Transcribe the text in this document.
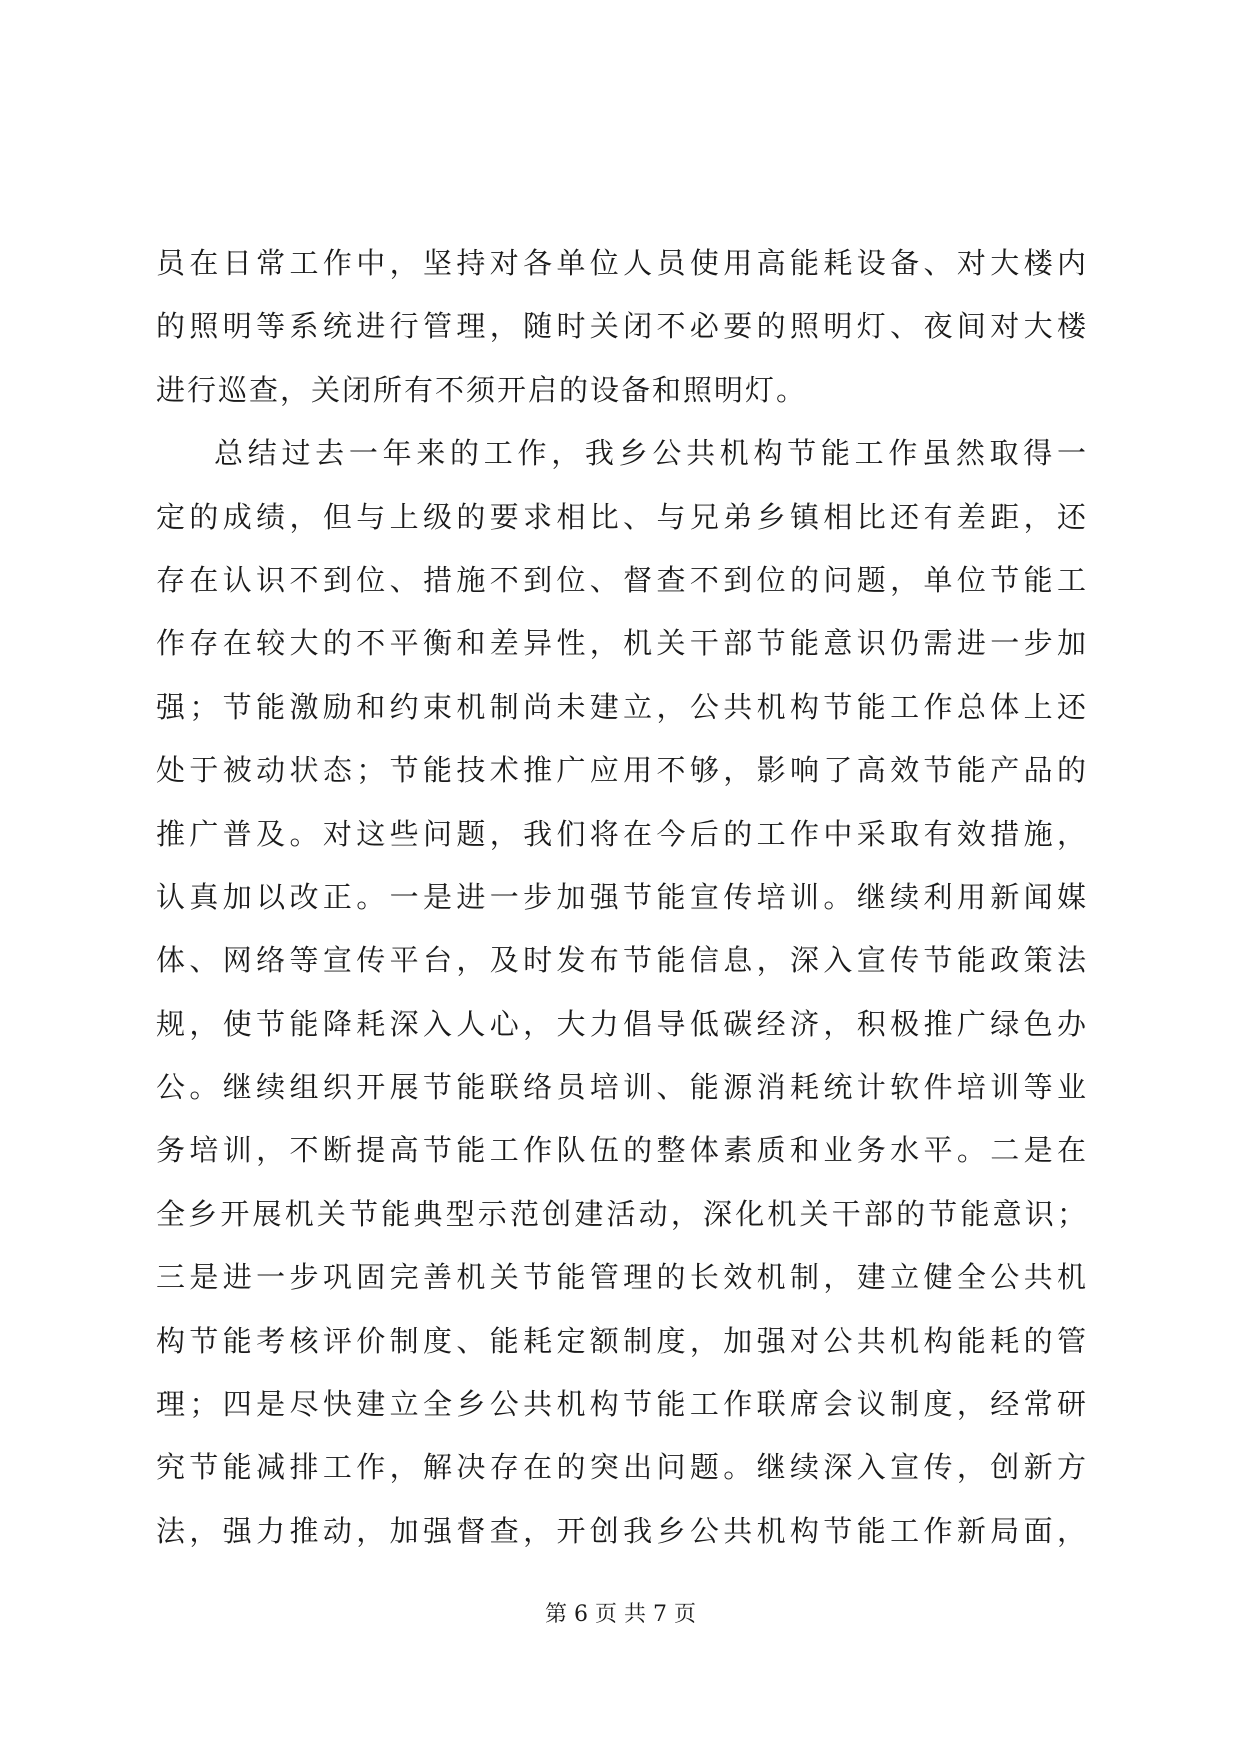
员在日常工作中，坚持对各单位人员使用高能耗设备、对大楼内
的照明等系统进行管理，随时关闭不必要的照明灯、夜间对大楼
进行巡查，关闭所有不须开启的设备和照明灯。
总结过去一年来的工作，我乡公共机构节能工作虽然取得一
定的成绩，但与上级的要求相比、与兄弟乡镇相比还有差距，还
存在认识不到位、措施不到位、督查不到位的问题，单位节能工
作存在较大的不平衡和差异性，机关干部节能意识仍需进一步加
强；节能激励和约束机制尚未建立，公共机构节能工作总体上还
处于被动状态；节能技术推广应用不够，影响了高效节能产品的
推广普及。对这些问题，我们将在今后的工作中采取有效措施，
认真加以改正。一是进一步加强节能宣传培训。继续利用新闻媒
体、网络等宣传平台，及时发布节能信息，深入宣传节能政策法
规，使节能降耗深入人心，大力倡导低碳经济，积极推广绿色办
公。继续组织开展节能联络员培训、能源消耗统计软件培训等业
务培训，不断提高节能工作队伍的整体素质和业务水平。二是在
全乡开展机关节能典型示范创建活动，深化机关干部的节能意识；
三是进一步巩固完善机关节能管理的长效机制，建立健全公共机
构节能考核评价制度、能耗定额制度，加强对公共机构能耗的管
理；四是尽快建立全乡公共机构节能工作联席会议制度，经常研
究节能减排工作，解决存在的突出问题。继续深入宣传，创新方
法，强力推动，加强督查，开创我乡公共机构节能工作新局面，
第 6 页 共 7 页
